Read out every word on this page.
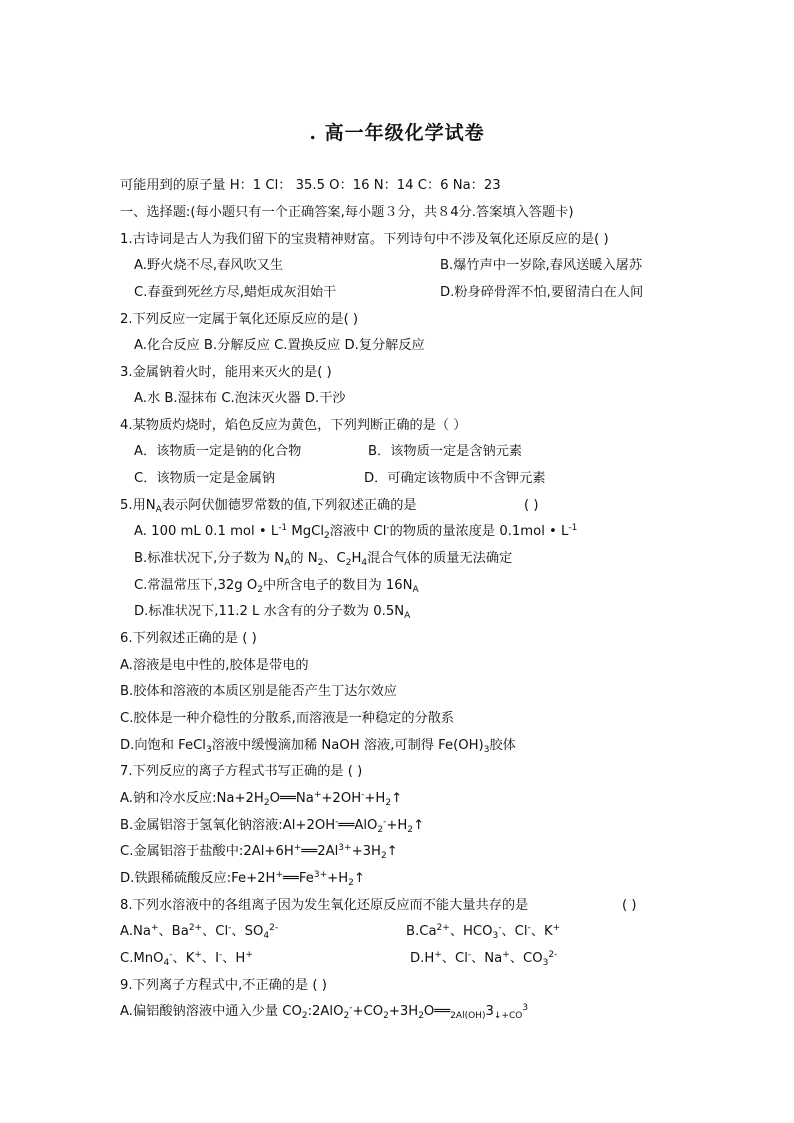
. 高一年级化学试卷
可能用到的原子量 H：1 Cl： 35.5 O：16 N：14 C：6 Na：23
一、选择题:(每小题只有一个正确答案,每小题３分，共８4分.答案填入答题卡)
1.古诗词是古人为我们留下的宝贵精神财富。下列诗句中不涉及氧化还原反应的是( )
A.野火烧不尽,春风吹又生	B.爆竹声中一岁除,春风送暖入屠苏
C.春蚕到死丝方尽,蜡炬成灰泪始干	D.粉身碎骨浑不怕,要留清白在人间
2.下列反应一定属于氧化还原反应的是( )
A.化合反应 B.分解反应 C.置换反应 D.复分解反应
3.金属钠着火时，能用来灭火的是( )
A.水 B.湿抹布 C.泡沫灭火器 D.干沙
4.某物质灼烧时，焰色反应为黄色，下列判断正确的是（ ）
A．该物质一定是钠的化合物	B．该物质一定是含钠元素
C．该物质一定是金属钠	D．可确定该物质中不含钾元素
5.用$N_A$表示阿伏伽德罗常数的值,下列叙述正确的是	( )
A. 100 mL 0.1 mol • $L^{-1}$ MgCl$_2$溶液中 Cl-的物质的量浓度是 0.1mol • $L^{-1}$
B.标准状况下,分子数为 $N_A$的 $N_2$、$C_2H_4$混合气体的质量无法确定
C.常温常压下,32g $O_2$中所含电子的数目为 $16N_A$
D.标准状况下,11.2 L 水含有的分子数为 $0.5N_A$
6.下列叙述正确的是 ( )
A.溶液是电中性的,胶体是带电的
B.胶体和溶液的本质区别是能否产生丁达尔效应
C.胶体是一种介稳性的分散系,而溶液是一种稳定的分散系
D.向饱和 FeCl$_3$溶液中缓慢滴加稀 NaOH 溶液,可制得 $Fe(OH)_3$胶体
7.下列反应的离子方程式书写正确的是 ( )
A.钠和冷水反应$:Na+2H_2O══Na^++2OH^-+H_2↑$
B.金属铝溶于氢氧化钠溶液$:Al+2OH^-══AlO_2^-+H_2↑$
C.金属铝溶于盐酸中$:2Al+6H^+══2Al^{3+}+3H_2↑$
D.铁跟稀硫酸反应$:Fe+2H^+══Fe^{3+}+H_2↑$
8.下列水溶液中的各组离子因为发生氧化还原反应而不能大量共存的是	( )
A.Na+、$Ba^{2+}$、Cl-、$SO_4^{2-}$	$B.Ca^{2+}$、$HCO_3^-$、Cl-、K+
C.MnO$_4$-、K+、I-、H+	D.H+、Cl-、Na+、$CO_3^{2-}$
9.下列离子方程式中,不正确的是 ( )
A.偏铝酸钠溶液中通入少量 $CO_2:2AlO_2^-+CO_2+3H_2O══_{2Al(OH)}3_{↓+CO}^3$
